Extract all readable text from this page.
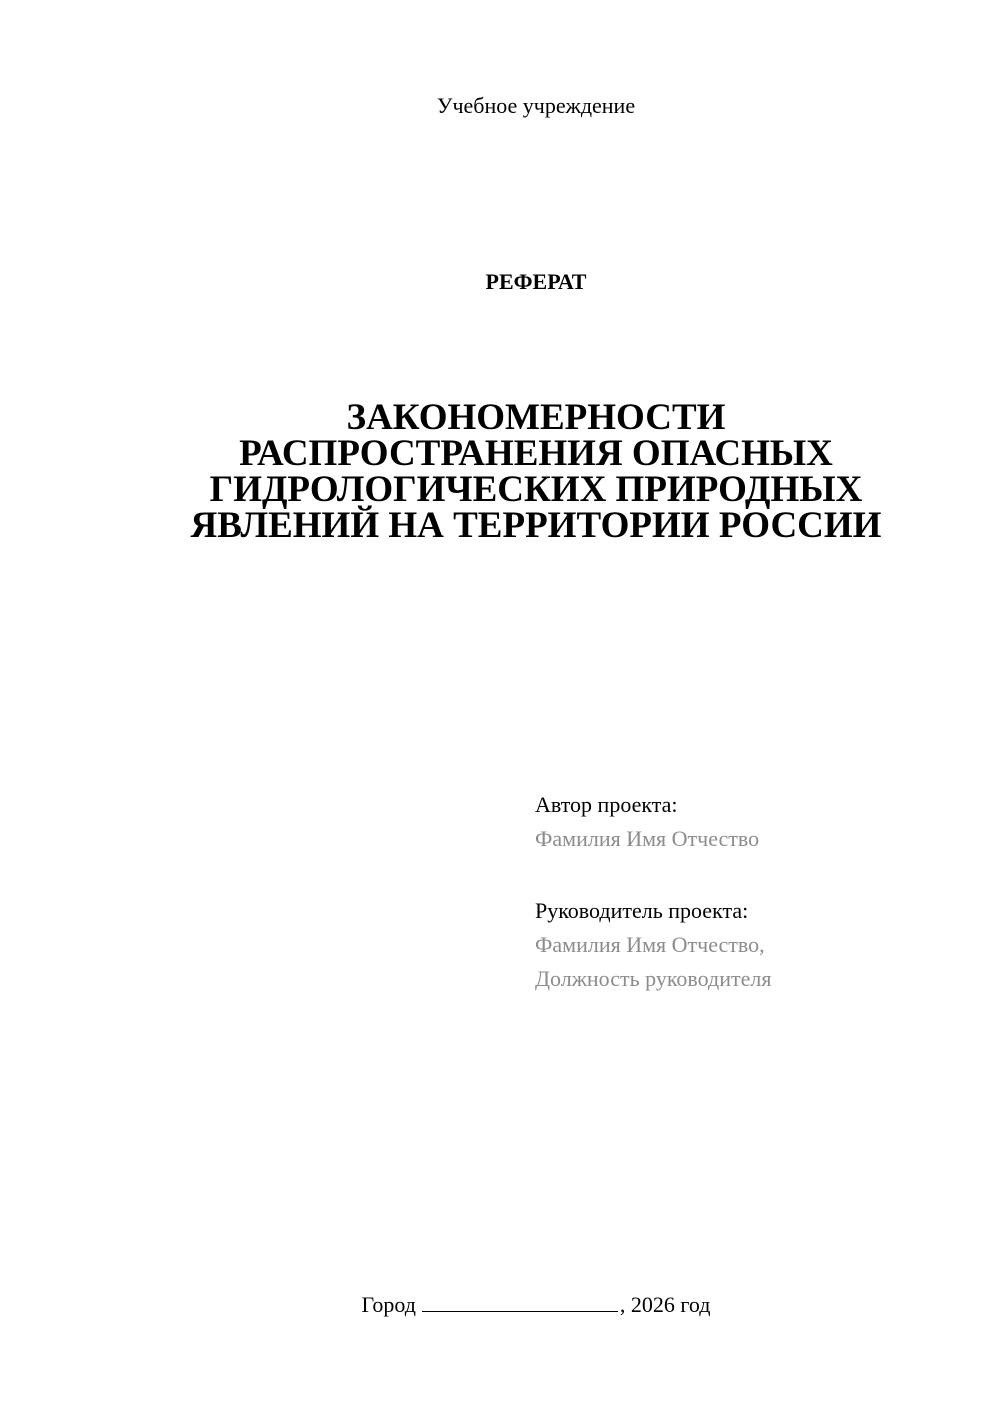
Учебное учреждение
РЕФЕРАТ
ЗАКОНОМЕРНОСТИ
РАСПРОСТРАНЕНИЯ ОПАСНЫХ
ГИДРОЛОГИЧЕСКИХ ПРИРОДНЫХ
ЯВЛЕНИЙ НА ТЕРРИТОРИИ РОССИИ
Автор проекта:
Фамилия Имя Отчество
Руководитель проекта:
Фамилия Имя Отчество,
Должность руководителя
Город	, 2026 год
